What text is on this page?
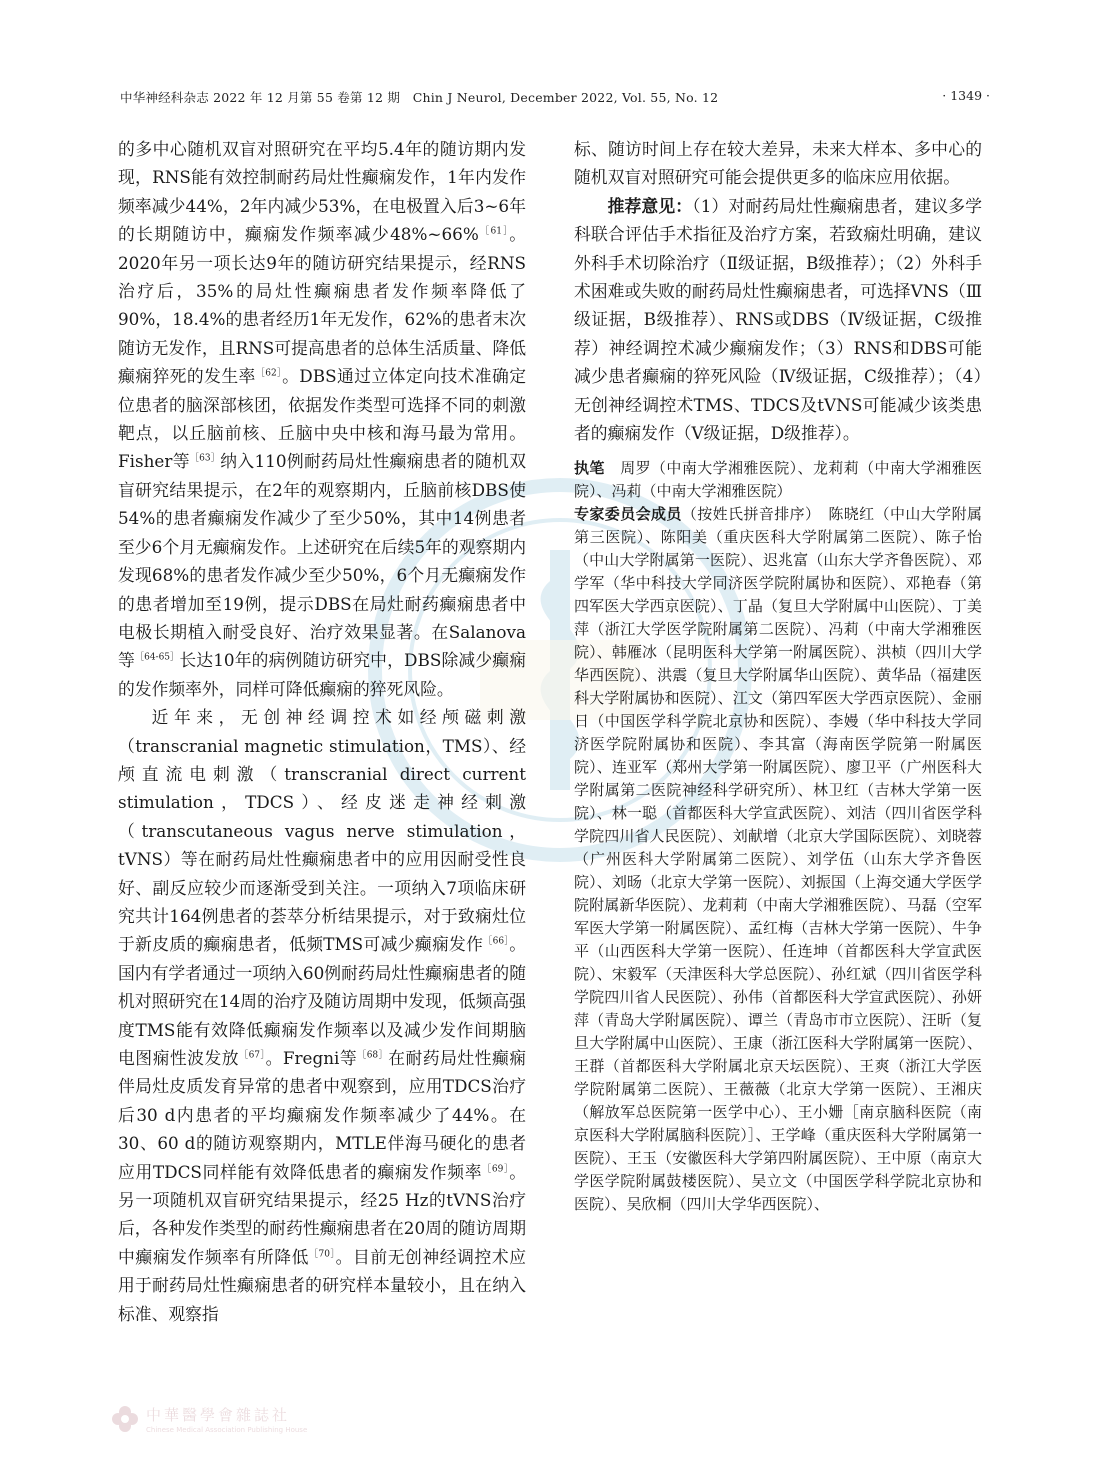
中华神经科杂志 2022 年 12 月第 55 卷第 12 期　Chin J Neurol, December 2022, Vol. 55, No. 12	· 1349 ·

的多中心随机双盲对照研究在平均5.4年的随访期内发现，RNS能有效控制耐药局灶性癫痫发作，1年内发作频率减少44%，2年内减少53%，在电极置入后3~6年的长期随访中，癫痫发作频率减少48%~66%$^{[61]}$。2020年另一项长达9年的随访研究结果提示，经RNS治疗后，35%的局灶性癫痫患者发作频率降低了90%，18.4%的患者经历1年无发作，62%的患者末次随访无发作，且RNS可提高患者的总体生活质量、降低癫痫猝死的发生率$^{[62]}$。DBS通过立体定向技术准确定位患者的脑深部核团，依据发作类型可选择不同的刺激靶点，以丘脑前核、丘脑中央中核和海马最为常用。Fisher等$^{[63]}$纳入110例耐药局灶性癫痫患者的随机双盲研究结果提示，在2年的观察期内，丘脑前核DBS使54%的患者癫痫发作减少了至少50%，其中14例患者至少6个月无癫痫发作。上述研究在后续5年的观察期内发现68%的患者发作减少至少50%，6个月无癫痫发作的患者增加至19例，提示DBS在局灶耐药癫痫患者中电极长期植入耐受良好、治疗效果显著。在Salanova等$^{[64-65]}$长达10年的病例随访研究中，DBS除减少癫痫的发作频率外，同样可降低癫痫的猝死风险。

近年来，无创神经调控术如经颅磁刺激（transcranial magnetic stimulation，TMS）、经颅直流电刺激（transcranial direct current stimulation，TDCS）、经皮迷走神经刺激（transcutaneous vagus nerve stimulation，tVNS）等在耐药局灶性癫痫患者中的应用因耐受性良好、副反应较少而逐渐受到关注。一项纳入7项临床研究共计164例患者的荟萃分析结果提示，对于致痫灶位于新皮质的癫痫患者，低频TMS可减少癫痫发作$^{[66]}$。国内有学者通过一项纳入60例耐药局灶性癫痫患者的随机对照研究在14周的治疗及随访周期中发现，低频高强度TMS能有效降低癫痫发作频率以及减少发作间期脑电图痫性波发放$^{[67]}$。Fregni等$^{[68]}$在耐药局灶性癫痫伴局灶皮质发育异常的患者中观察到，应用TDCS治疗后30 d内患者的平均癫痫发作频率减少了44%。在30、60 d的随访观察期内，MTLE伴海马硬化的患者应用TDCS同样能有效降低患者的癫痫发作频率$^{[69]}$。另一项随机双盲研究结果提示，经25 Hz的tVNS治疗后，各种发作类型的耐药性癫痫患者在20周的随访周期中癫痫发作频率有所降低$^{[70]}$。目前无创神经调控术应用于耐药局灶性癫痫患者的研究样本量较小，且在纳入标准、观察指

标、随访时间上存在较大差异，未来大样本、多中心的随机双盲对照研究可能会提供更多的临床应用依据。

推荐意见：（1）对耐药局灶性癫痫患者，建议多学科联合评估手术指征及治疗方案，若致痫灶明确，建议外科手术切除治疗（Ⅱ级证据，B级推荐）；（2）外科手术困难或失败的耐药局灶性癫痫患者，可选择VNS（Ⅲ级证据，B级推荐）、RNS或DBS（Ⅳ级证据，C级推荐）神经调控术减少癫痫发作；（3）RNS和DBS可能减少患者癫痫的猝死风险（Ⅳ级证据，C级推荐）；（4）无创神经调控术TMS、TDCS及tVNS可能减少该类患者的癫痫发作（Ⅴ级证据，D级推荐）。

执笔　周罗（中南大学湘雅医院）、龙莉莉（中南大学湘雅医院）、冯莉（中南大学湘雅医院）

专家委员会成员（按姓氏拼音排序）　陈晓红（中山大学附属第三医院）、陈阳美（重庆医科大学附属第二医院）、陈子怡（中山大学附属第一医院）、迟兆富（山东大学齐鲁医院）、邓学军（华中科技大学同济医学院附属协和医院）、邓艳春（第四军医大学西京医院）、丁晶（复旦大学附属中山医院）、丁美萍（浙江大学医学院附属第二医院）、冯莉（中南大学湘雅医院）、韩雁冰（昆明医科大学第一附属医院）、洪桢（四川大学华西医院）、洪震（复旦大学附属华山医院）、黄华品（福建医科大学附属协和医院）、江文（第四军医大学西京医院）、金丽日（中国医学科学院北京协和医院）、李嫚（华中科技大学同济医学院附属协和医院）、李其富（海南医学院第一附属医院）、连亚军（郑州大学第一附属医院）、廖卫平（广州医科大学附属第二医院神经科学研究所）、林卫红（吉林大学第一医院）、林一聪（首都医科大学宣武医院）、刘洁（四川省医学科学院四川省人民医院）、刘献增（北京大学国际医院）、刘晓蓉（广州医科大学附属第二医院）、刘学伍（山东大学齐鲁医院）、刘旸（北京大学第一医院）、刘振国（上海交通大学医学院附属新华医院）、龙莉莉（中南大学湘雅医院）、马磊（空军军医大学第一附属医院）、孟红梅（吉林大学第一医院）、牛争平（山西医科大学第一医院）、任连坤（首都医科大学宣武医院）、宋毅军（天津医科大学总医院）、孙红斌（四川省医学科学院四川省人民医院）、孙伟（首都医科大学宣武医院）、孙妍萍（青岛大学附属医院）、谭兰（青岛市市立医院）、汪昕（复旦大学附属中山医院）、王康（浙江医科大学附属第一医院）、王群（首都医科大学附属北京天坛医院）、王爽（浙江大学医学院附属第二医院）、王薇薇（北京大学第一医院）、王湘庆（解放军总医院第一医学中心）、王小姗［南京脑科医院（南京医科大学附属脑科医院）］、王学峰（重庆医科大学附属第一医院）、王玉（安徽医科大学第四附属医院）、王中原（南京大学医学院附属鼓楼医院）、吴立文（中国医学科学院北京协和医院）、吴欣桐（四川大学华西医院）、

中華醫學會雜誌社
Chinese Medical Association Publishing House
